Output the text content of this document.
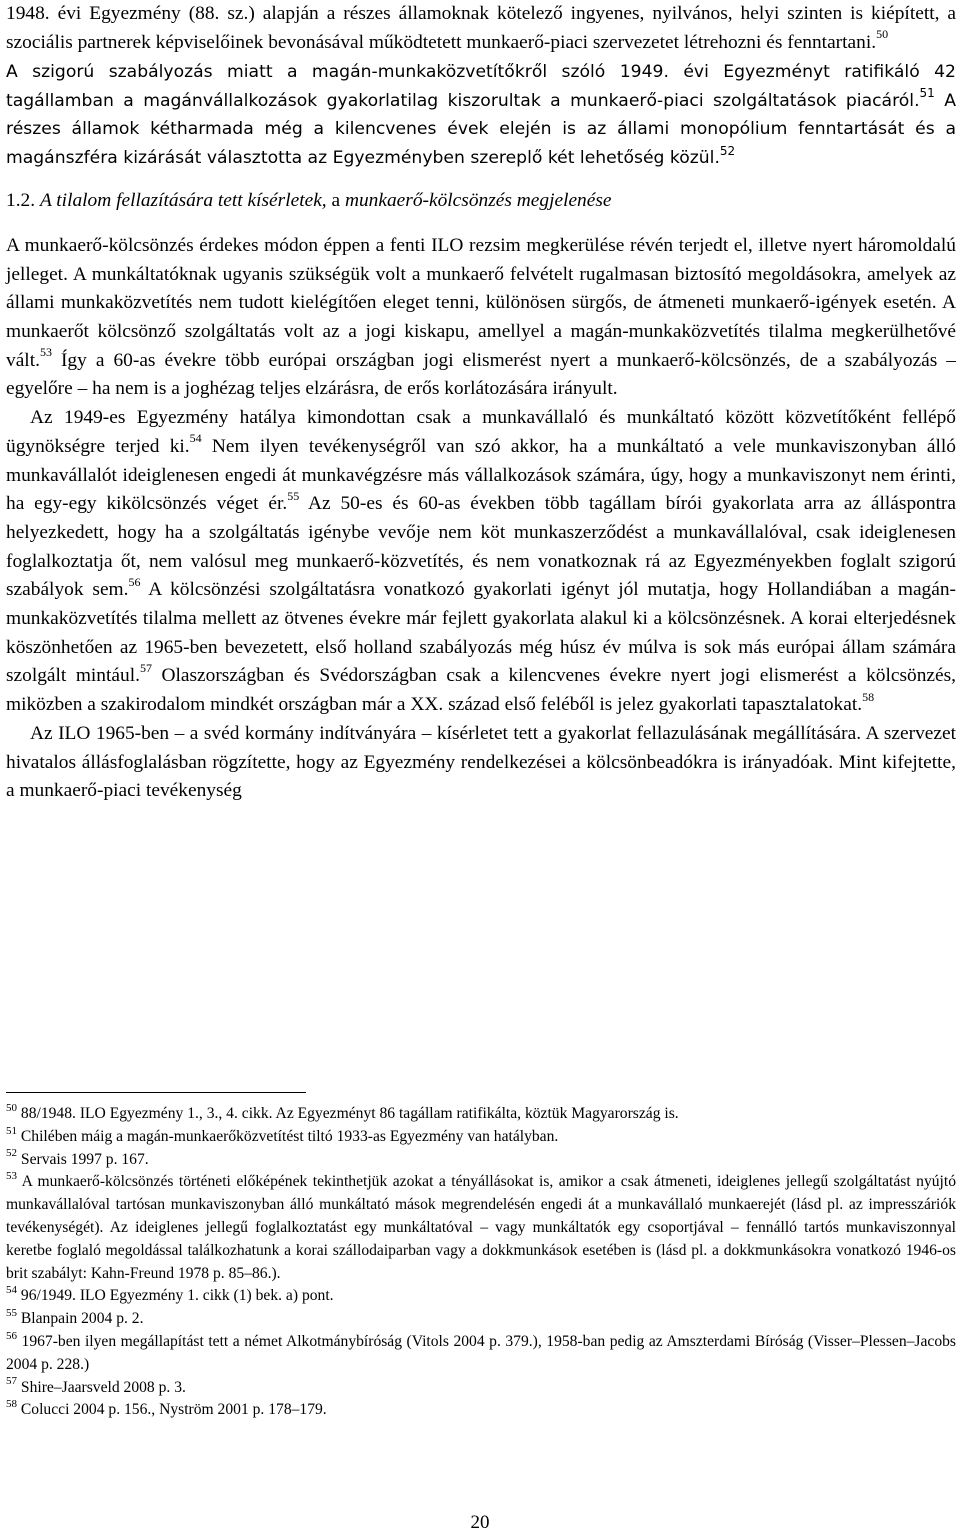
1948. évi Egyezmény (88. sz.) alapján a részes államoknak kötelező ingyenes, nyilvános, helyi szinten is kiépített, a szociális partnerek képviselőinek bevonásával működtetett munkaerő-piaci szervezetet létrehozni és fenntartani.$^{50}$
A szigorú szabályozás miatt a magán-munkaközvetítőkről szóló 1949. évi Egyezményt ratifikáló 42 tagállamban a magánvállalkozások gyakorlatilag kiszorultak a munkaerő-piaci szolgáltatások piacáról.$^{51}$ A részes államok kétharmada még a kilencvenes évek elején is az állami monopólium fenntartását és a magánszféra kizárását választotta az Egyezményben szereplő két lehetőség közül.$^{52}$

1.2. A tilalom fellazítására tett kísérletek, a munkaerő-kölcsönzés megjelenése

A munkaerő-kölcsönzés érdekes módon éppen a fenti ILO rezsim megkerülése révén terjedt el, illetve nyert háromoldalú jelleget. A munkáltatóknak ugyanis szükségük volt a munkaerő felvételt rugalmasan biztosító megoldásokra, amelyek az állami munkaközvetítés nem tudott kielégítően eleget tenni, különösen sürgős, de átmeneti munkaerő-igények esetén. A munkaerőt kölcsönző szolgáltatás volt az a jogi kiskapu, amellyel a magán-munkaközvetítés tilalma megkerülhetővé vált.$^{53}$ Így a 60-as évekre több európai országban jogi elismerést nyert a munkaerő-kölcsönzés, de a szabályozás – egyelőre – ha nem is a joghézag teljes elzárásra, de erős korlátozására irányult.

Az 1949-es Egyezmény hatálya kimondottan csak a munkavállaló és munkáltató között közvetítőként fellépő ügynökségre terjed ki.$^{54}$ Nem ilyen tevékenységről van szó akkor, ha a munkáltató a vele munkaviszonyban álló munkavállalót ideiglenesen engedi át munkavégzésre más vállalkozások számára, úgy, hogy a munkaviszonyt nem érinti, ha egy-egy kikölcsönzés véget ér.$^{55}$ Az 50-es és 60-as években több tagállam bírói gyakorlata arra az álláspontra helyezkedett, hogy ha a szolgáltatás igénybe vevője nem köt munkaszerződést a munkavállalóval, csak ideiglenesen foglalkoztatja őt, nem valósul meg munkaerő-közvetítés, és nem vonatkoznak rá az Egyezményekben foglalt szigorú szabályok sem.$^{56}$ A kölcsönzési szolgáltatásra vonatkozó gyakorlati igényt jól mutatja, hogy Hollandiában a magán-munkaközvetítés tilalma mellett az ötvenes évekre már fejlett gyakorlata alakul ki a kölcsönzésnek. A korai elterjedésnek köszönhetően az 1965-ben bevezetett, első holland szabályozás még húsz év múlva is sok más európai állam számára szolgált mintául.$^{57}$ Olaszországban és Svédországban csak a kilencvenes évekre nyert jogi elismerést a kölcsönzés, miközben a szakirodalom mindkét országban már a XX. század első feléből is jelez gyakorlati tapasztalatokat.$^{58}$

Az ILO 1965-ben – a svéd kormány indítványára – kísérletet tett a gyakorlat fellazulásának megállítására. A szervezet hivatalos állásfoglalásban rögzítette, hogy az Egyezmény rendelkezései a kölcsönbeadókra is irányadóak. Mint kifejtette, a munkaerő-piaci tevékenység

$^{50}$ 88/1948. ILO Egyezmény 1., 3., 4. cikk. Az Egyezményt 86 tagállam ratifikálta, köztük Magyarország is.

$^{51}$ Chilében máig a magán-munkaerőközvetítést tiltó 1933-as Egyezmény van hatályban.

$^{52}$ Servais 1997 p. 167.

$^{53}$ A munkaerő-kölcsönzés történeti előképének tekinthetjük azokat a tényállásokat is, amikor a csak átmeneti, ideiglenes jellegű szolgáltatást nyújtó munkavállalóval tartósan munkaviszonyban álló munkáltató mások megrendelésén engedi át a munkavállaló munkaerejét (lásd pl. az impresszáriók tevékenységét). Az ideiglenes jellegű foglalkoztatást egy munkáltatóval – vagy munkáltatók egy csoportjával – fennálló tartós munkaviszonnyal keretbe foglaló megoldással találkozhatunk a korai szállodaiparban vagy a dokkmunkások esetében is (lásd pl. a dokkmunkásokra vonatkozó 1946-os brit szabályt: Kahn-Freund 1978 p. 85–86.).

$^{54}$ 96/1949. ILO Egyezmény 1. cikk (1) bek. a) pont.

$^{55}$ Blanpain 2004 p. 2.

$^{56}$ 1967-ben ilyen megállapítást tett a német Alkotmánybíróság (Vitols 2004 p. 379.), 1958-ban pedig az Amszterdami Bíróság (Visser–Plessen–Jacobs 2004 p. 228.)

$^{57}$ Shire–Jaarsveld 2008 p. 3.

$^{58}$ Colucci 2004 p. 156., Nyström 2001 p. 178–179.

20
